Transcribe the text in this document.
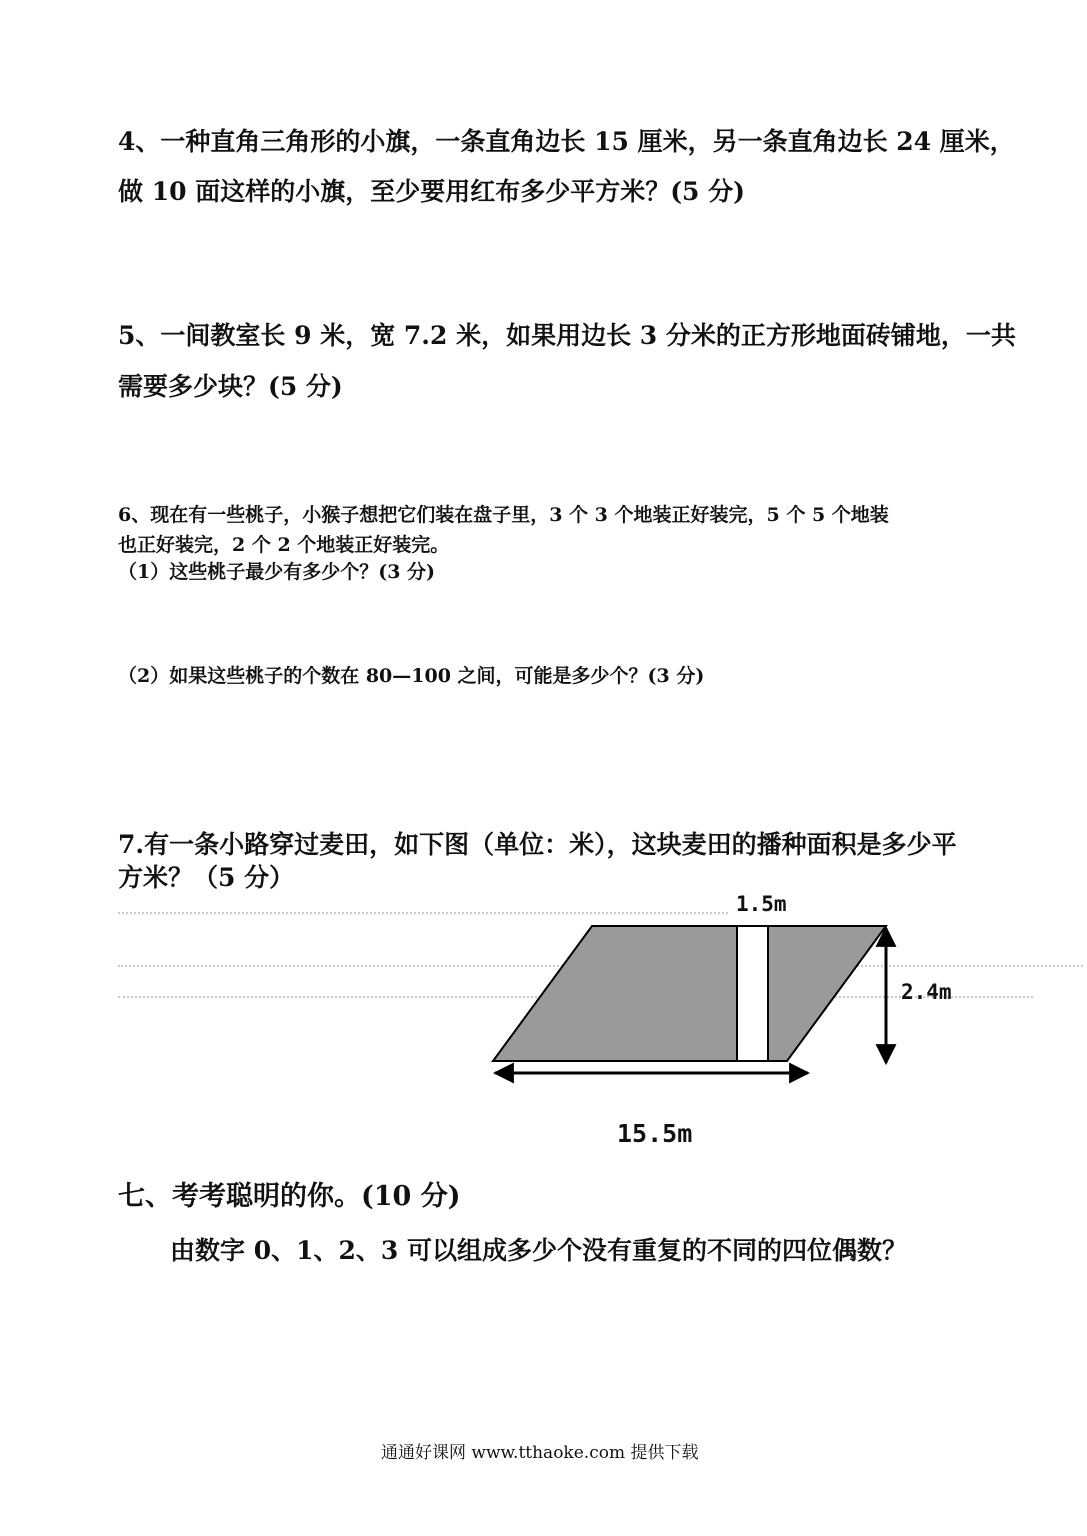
4、一种直角三角形的小旗，一条直角边长 15 厘米，另一条直角边长 24 厘米，
做 10 面这样的小旗，至少要用红布多少平方米？(5 分)
5、一间教室长 9 米，宽 7.2 米，如果用边长 3 分米的正方形地面砖铺地，一共
需要多少块？(5 分)
6、现在有一些桃子，小猴子想把它们装在盘子里，3 个 3 个地装正好装完，5 个 5 个地装
也正好装完，2 个 2 个地装正好装完。
（1）这些桃子最少有多少个？(3 分)
（2）如果这些桃子的个数在 80—100 之间，可能是多少个？(3 分)
7.有一条小路穿过麦田，如下图（单位：米），这块麦田的播种面积是多少平
方米？（5 分）
1.5m
2.4m
15.5m
七、考考聪明的你。(10 分)
由数字 0、1、2、3 可以组成多少个没有重复的不同的四位偶数？
通通好课网 www.tthaoke.com 提供下载
